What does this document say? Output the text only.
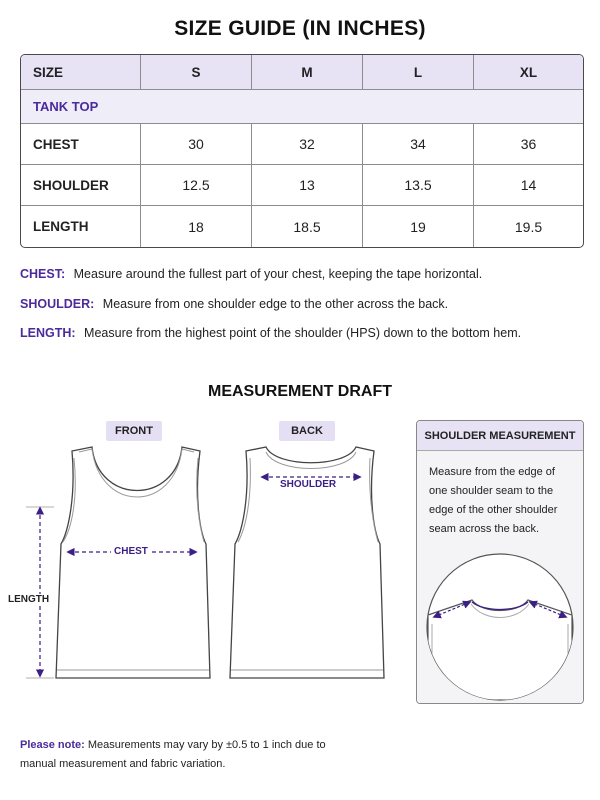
SIZE GUIDE (IN INCHES)
SIZE	S	M	L	XL
TANK TOP
CHEST	30	32	34	36
SHOULDER	12.5	13	13.5	14
LENGTH	18	18.5	19	19.5
CHEST: Measure around the fullest part of your chest, keeping the tape horizontal.
SHOULDER: Measure from one shoulder edge to the other across the back.
LENGTH: Measure from the highest point of the shoulder (HPS) down to the bottom hem.
MEASUREMENT DRAFT
FRONT	BACK
CHEST
SHOULDER
LENGTH
SHOULDER MEASUREMENT
Measure from the edge of one shoulder seam to the edge of the other shoulder seam across the back.
Please note: Measurements may vary by ±0.5 to 1 inch due to manual measurement and fabric variation.
